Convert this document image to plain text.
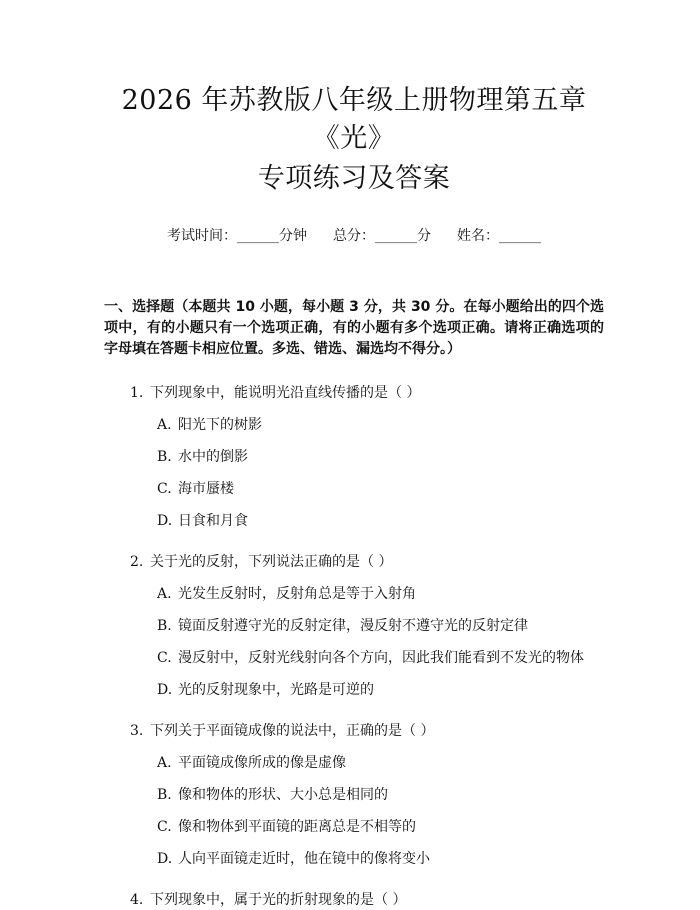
2026 年苏教版八年级上册物理第五章《光》
专项练习及答案
考试时间：______分钟 总分：______分 姓名：______
一、选择题（本题共 10 小题，每小题 3 分，共 30 分。在每小题给出的四个选项中，有的小题只有一个选项正确，有的小题有多个选项正确。请将正确选项的字母填在答题卡相应位置。多选、错选、漏选均不得分。）
1. 下列现象中，能说明光沿直线传播的是（ ）
A. 阳光下的树影
B. 水中的倒影
C. 海市蜃楼
D. 日食和月食
2. 关于光的反射，下列说法正确的是（ ）
A. 光发生反射时，反射角总是等于入射角
B. 镜面反射遵守光的反射定律，漫反射不遵守光的反射定律
C. 漫反射中，反射光线射向各个方向，因此我们能看到不发光的物体
D. 光的反射现象中，光路是可逆的
3. 下列关于平面镜成像的说法中，正确的是（ ）
A. 平面镜成像所成的像是虚像
B. 像和物体的形状、大小总是相同的
C. 像和物体到平面镜的距离总是不相等的
D. 人向平面镜走近时，他在镜中的像将变小
4. 下列现象中，属于光的折射现象的是（ ）
